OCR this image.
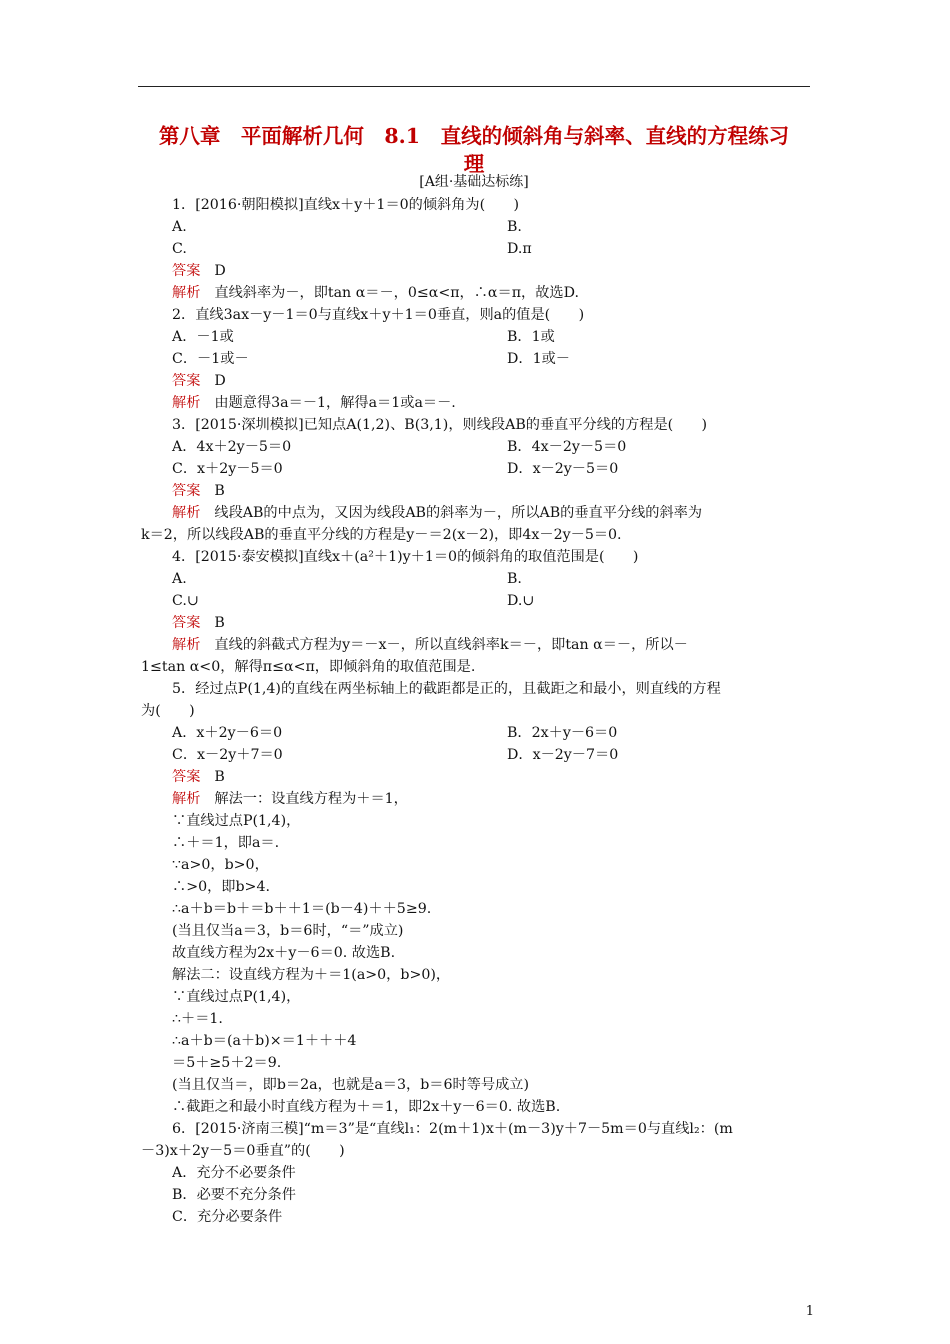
第八章　平面解析几何　8.1　直线的倾斜角与斜率、直线的方程练习
理
[A组·基础达标练]
1．[2016·朝阳模拟]直线x＋y＋1＝0的倾斜角为(　　)
A.	B.
C.	D.π
答案 D
解析 直线斜率为－，即tan α＝－，0≤α<π，∴α＝π，故选D.
2．直线3ax－y－1＝0与直线x＋y＋1＝0垂直，则a的值是(　　)
A．－1或	B．1或
C．－1或－	D．1或－
答案 D
解析 由题意得3a＝－1，解得a＝1或a＝－.
3．[2015·深圳模拟]已知点A(1,2)、B(3,1)，则线段AB的垂直平分线的方程是(　　)
A．4x＋2y－5＝0	B．4x－2y－5＝0
C．x＋2y－5＝0	D．x－2y－5＝0
答案 B
解析 线段AB的中点为，又因为线段AB的斜率为－，所以AB的垂直平分线的斜率为
k＝2，所以线段AB的垂直平分线的方程是y－＝2(x－2)，即4x－2y－5＝0.
4．[2015·泰安模拟]直线x＋(a²＋1)y＋1＝0的倾斜角的取值范围是(　　)
A.	B.
C.∪	D.∪
答案 B
解析 直线的斜截式方程为y＝－x－，所以直线斜率k＝－，即tan α＝－，所以－
1≤tan α<0，解得π≤α<π，即倾斜角的取值范围是.
5．经过点P(1,4)的直线在两坐标轴上的截距都是正的，且截距之和最小，则直线的方程
为(　　)
A．x＋2y－6＝0	B．2x＋y－6＝0
C．x－2y＋7＝0	D．x－2y－7＝0
答案 B
解析 解法一：设直线方程为＋＝1，
∵直线过点P(1,4)，
∴＋＝1，即a＝.
∵a>0，b>0，
∴>0，即b>4.
∴a＋b＝b＋＝b＋＋1＝(b－4)＋＋5≥9.
(当且仅当a＝3，b＝6时，“＝”成立)
故直线方程为2x＋y－6＝0. 故选B.
解法二：设直线方程为＋＝1(a>0，b>0)，
∵直线过点P(1,4)，
∴＋＝1.
∴a＋b＝(a＋b)×＝1＋＋＋4
＝5＋≥5＋2＝9.
(当且仅当＝，即b＝2a，也就是a＝3，b＝6时等号成立)
∴截距之和最小时直线方程为＋＝1，即2x＋y－6＝0. 故选B.
6．[2015·济南三模]“m＝3”是“直线l₁：2(m＋1)x＋(m－3)y＋7－5m＝0与直线l₂：(m
－3)x＋2y－5＝0垂直”的(　　)
A．充分不必要条件
B．必要不充分条件
C．充分必要条件
1
